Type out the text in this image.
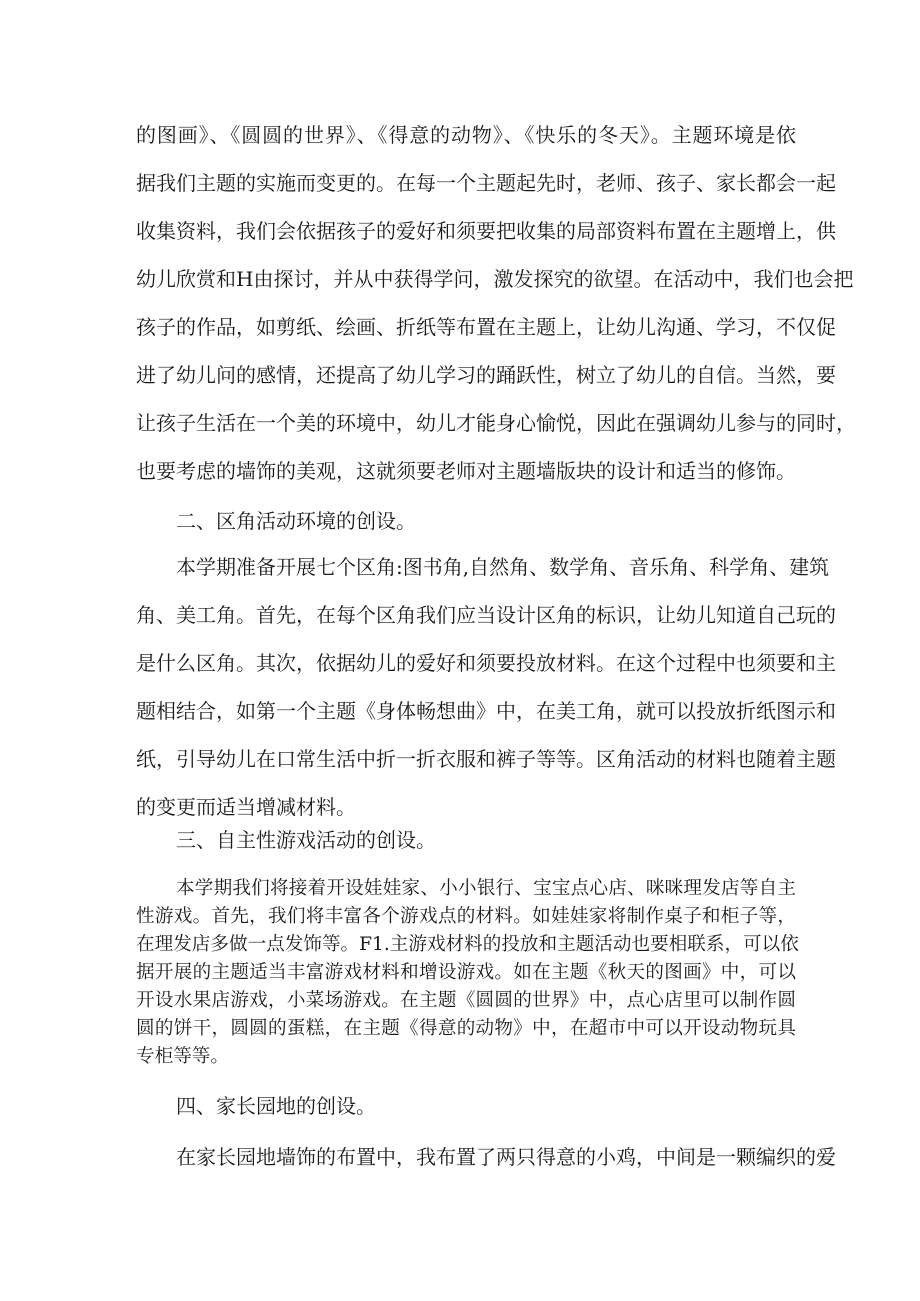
的图画》、《圆圆的世界》、《得意的动物》、《快乐的冬天》。主题环境是依
据我们主题的实施而变更的。在每一个主题起先时，老师、孩子、家长都会一起
收集资料，我们会依据孩子的爱好和须要把收集的局部资料布置在主题增上，供
幼儿欣赏和H由探讨，并从中获得学问，激发探究的欲望。在活动中，我们也会把
孩子的作品，如剪纸、绘画、折纸等布置在主题上，让幼儿沟通、学习，不仅促
进了幼儿问的感情，还提高了幼儿学习的踊跃性，树立了幼儿的自信。当然，要
让孩子生活在一个美的环境中，幼儿才能身心愉悦，因此在强调幼儿参与的同时，
也要考虑的墙饰的美观，这就须要老师对主题墙版块的设计和适当的修饰。
二、区角活动环境的创设。
本学期准备开展七个区角:图书角,自然角、数学角、音乐角、科学角、建筑
角、美工角。首先，在每个区角我们应当设计区角的标识，让幼儿知道自己玩的
是什么区角。其次，依据幼儿的爱好和须要投放材料。在这个过程中也须要和主
题相结合，如第一个主题《身体畅想曲》中，在美工角，就可以投放折纸图示和
纸，引导幼儿在口常生活中折一折衣服和裤子等等。区角活动的材料也随着主题
的变更而适当增减材料。
三、自主性游戏活动的创设。
本学期我们将接着开设娃娃家、小小银行、宝宝点心店、咪咪理发店等自主
性游戏。首先，我们将丰富各个游戏点的材料。如娃娃家将制作桌子和柜子等，
在理发店多做一点发饰等。F1.主游戏材料的投放和主题活动也要相联系，可以依
据开展的主题适当丰富游戏材料和增设游戏。如在主题《秋天的图画》中，可以
开设水果店游戏，小菜场游戏。在主题《圆圆的世界》中，点心店里可以制作圆
圆的饼干，圆圆的蛋糕，在主题《得意的动物》中，在超市中可以开设动物玩具
专柜等等。
四、家长园地的创设。
在家长园地墙饰的布置中，我布置了两只得意的小鸡，中间是一颗编织的爱
